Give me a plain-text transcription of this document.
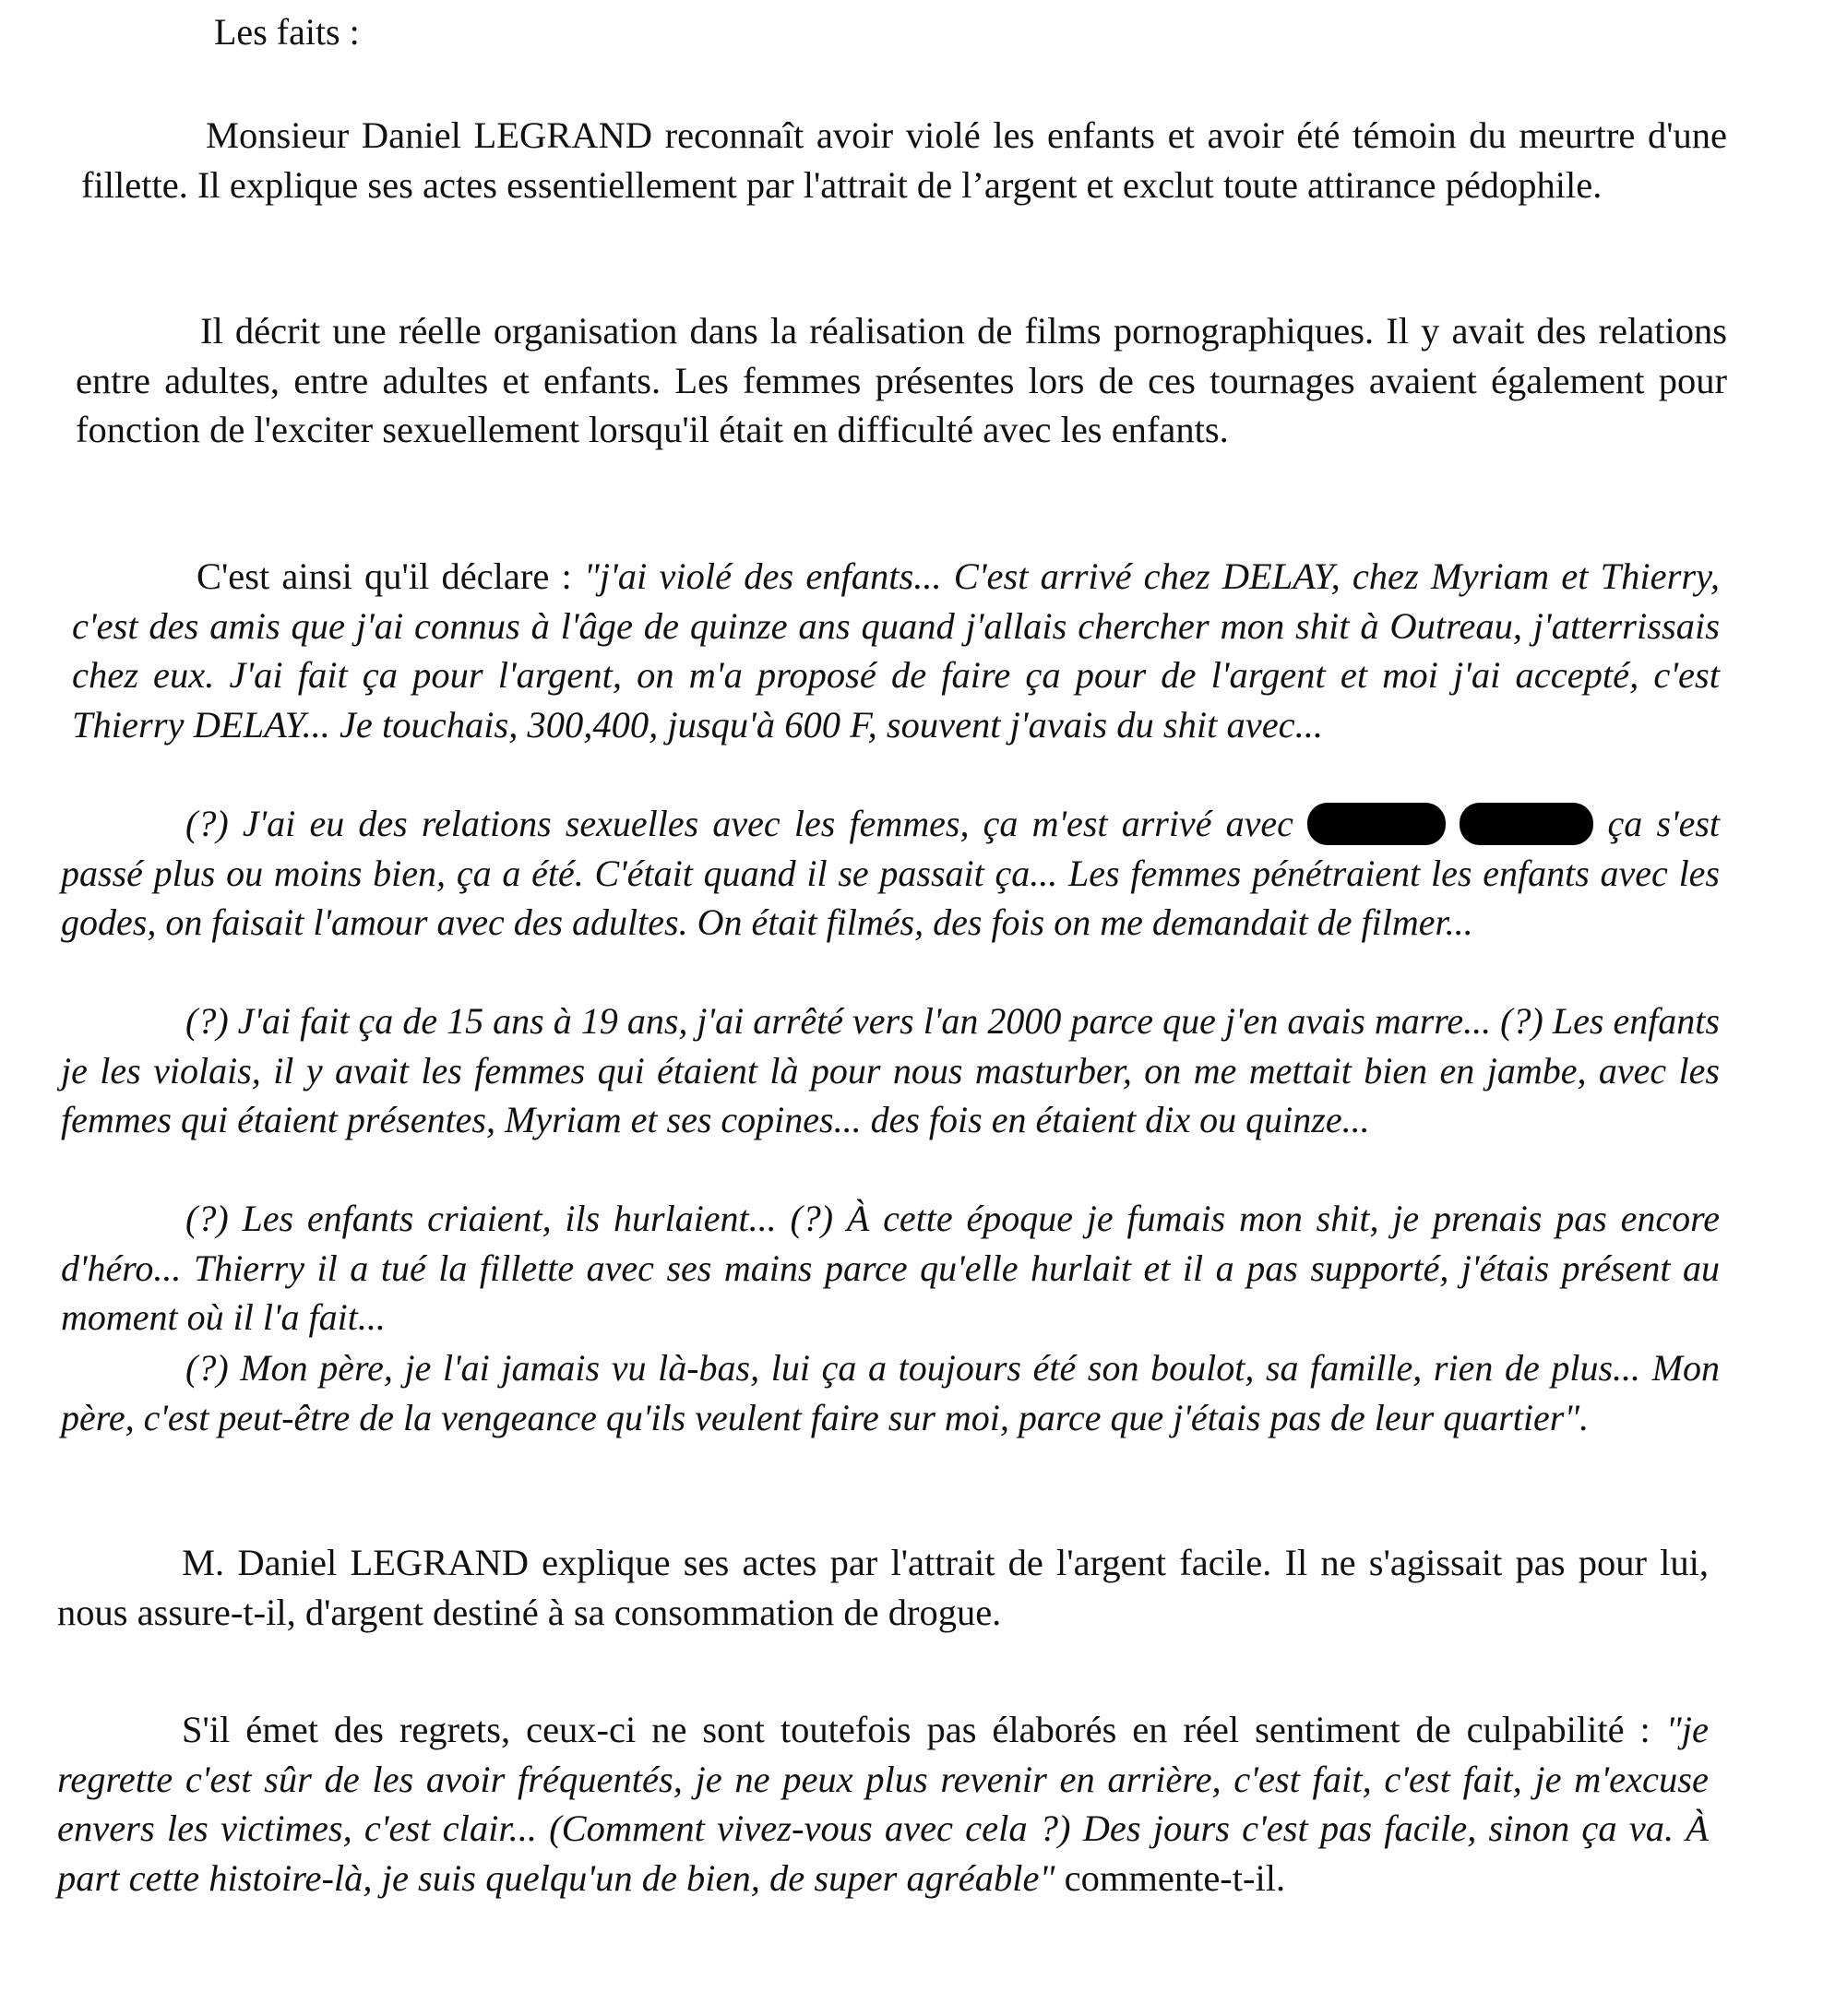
Les faits :

Monsieur Daniel LEGRAND reconnaît avoir violé les enfants et avoir été témoin du meurtre d'une fillette. Il explique ses actes essentiellement par l'attrait de l’argent et exclut toute attirance pédophile.

Il décrit une réelle organisation dans la réalisation de films pornographiques. Il y avait des relations entre adultes, entre adultes et enfants. Les femmes présentes lors de ces tournages avaient également pour fonction de l'exciter sexuellement lorsqu'il était en difficulté avec les enfants.

C'est ainsi qu'il déclare : "j'ai violé des enfants... C'est arrivé chez DELAY, chez Myriam et Thierry, c'est des amis que j'ai connus à l'âge de quinze ans quand j'allais chercher mon shit à Outreau, j'atterrissais chez eux. J'ai fait ça pour l'argent, on m'a proposé de faire ça pour de l'argent et moi j'ai accepté, c'est Thierry DELAY... Je touchais, 300,400, jusqu'à 600 F, souvent j'avais du shit avec...

(?) J'ai eu des relations sexuelles avec les femmes, ça m'est arrivé avec	ça s'est passé plus ou moins bien, ça a été. C'était quand il se passait ça... Les femmes pénétraient les enfants avec les godes, on faisait l'amour avec des adultes. On était filmés, des fois on me demandait de filmer...

(?) J'ai fait ça de 15 ans à 19 ans, j'ai arrêté vers l'an 2000 parce que j'en avais marre... (?) Les enfants je les violais, il y avait les femmes qui étaient là pour nous masturber, on me mettait bien en jambe, avec les femmes qui étaient présentes, Myriam et ses copines... des fois en étaient dix ou quinze...

(?) Les enfants criaient, ils hurlaient... (?) À cette époque je fumais mon shit, je prenais pas encore d'héro... Thierry il a tué la fillette avec ses mains parce qu'elle hurlait et il a pas supporté, j'étais présent au moment où il l'a fait...

(?) Mon père, je l'ai jamais vu là-bas, lui ça a toujours été son boulot, sa famille, rien de plus... Mon père, c'est peut-être de la vengeance qu'ils veulent faire sur moi, parce que j'étais pas de leur quartier".

M. Daniel LEGRAND explique ses actes par l'attrait de l'argent facile. Il ne s'agissait pas pour lui, nous assure-t-il, d'argent destiné à sa consommation de drogue.

S'il émet des regrets, ceux-ci ne sont toutefois pas élaborés en réel sentiment de culpabilité : "je regrette c'est sûr de les avoir fréquentés, je ne peux plus revenir en arrière, c'est fait, c'est fait, je m'excuse envers les victimes, c'est clair... (Comment vivez-vous avec cela ?) Des jours c'est pas facile, sinon ça va. À part cette histoire-là, je suis quelqu'un de bien, de super agréable" commente-t-il.
